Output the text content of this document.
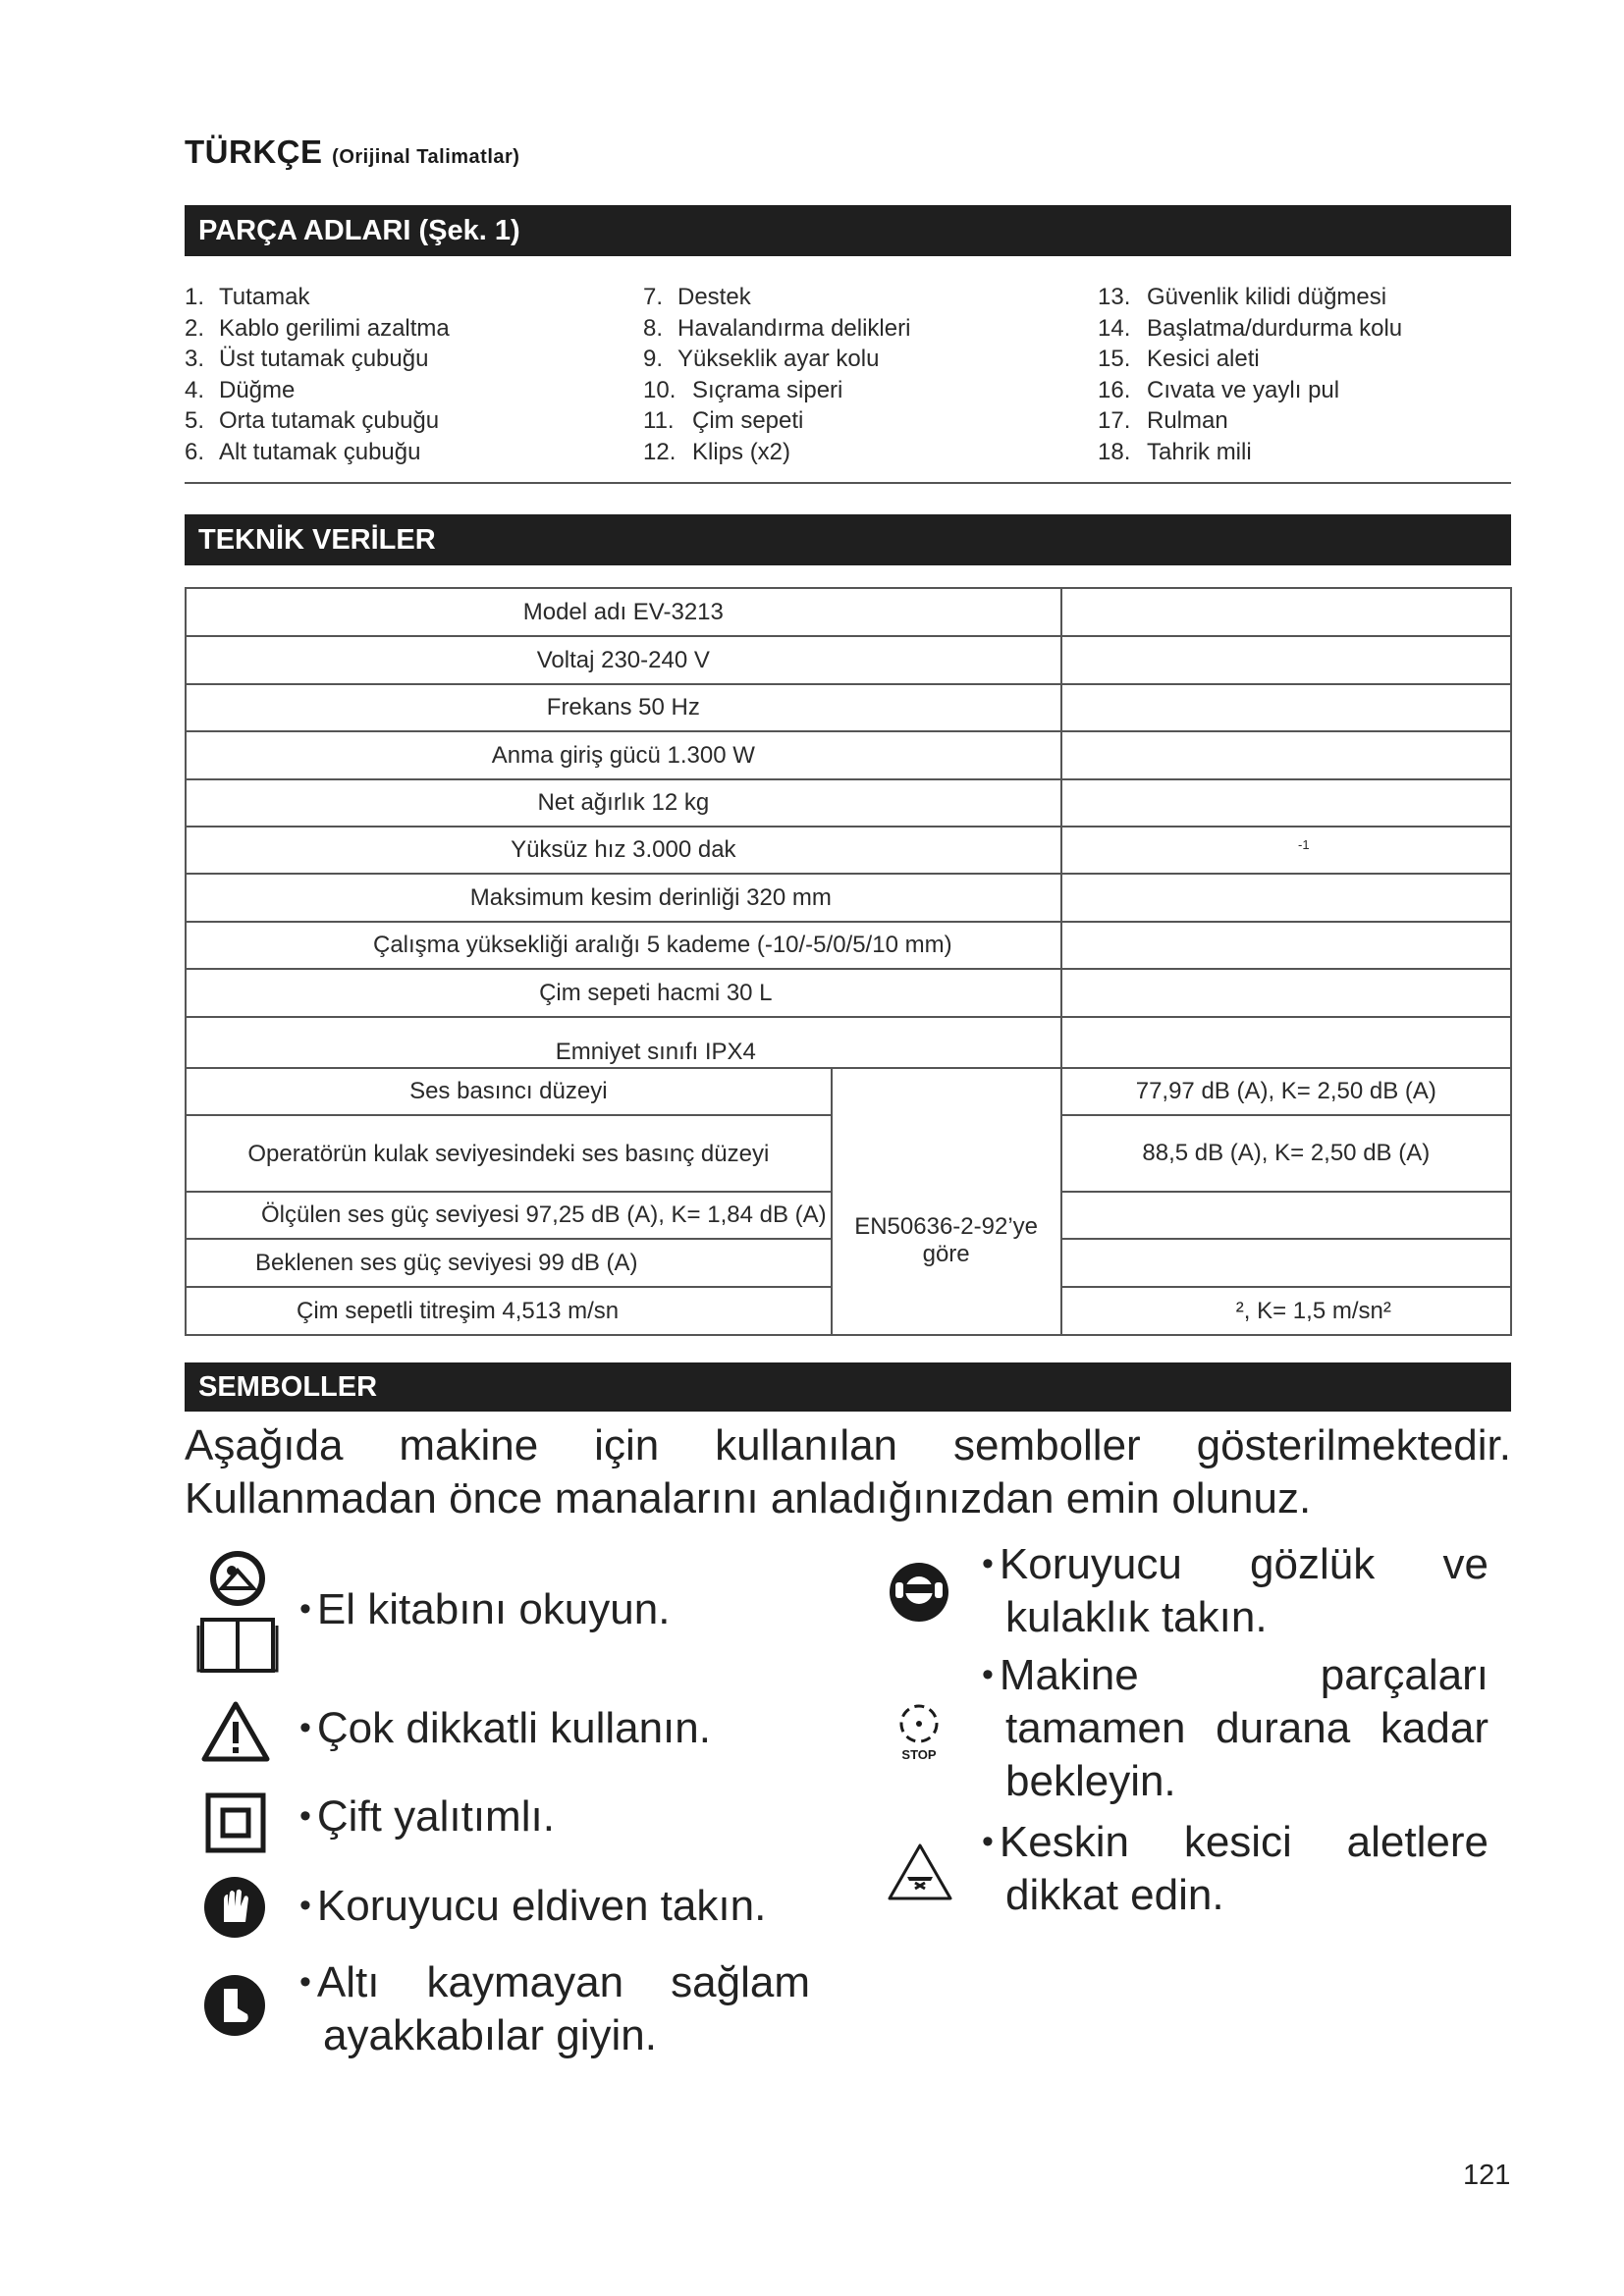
TÜRKÇE (Orijinal Talimatlar)
PARÇA ADLARI (Şek. 1)
1. Tutamak
2. Kablo gerilimi azaltma
3. Üst tutamak çubuğu
4. Düğme
5. Orta tutamak çubuğu
6. Alt tutamak çubuğu
7. Destek
8. Havalandırma delikleri
9. Yükseklik ayar kolu
10. Sıçrama siperi
11. Çim sepeti
12. Klips (x2)
13. Güvenlik kilidi düğmesi
14. Başlatma/durdurma kolu
15. Kesici aleti
16. Cıvata ve yaylı pul
17. Rulman
18. Tahrik mili
TEKNİK VERİLER
Model adı EV-3213		
Voltaj 230-240 V		
Frekans 50 Hz		
Anma giriş gücü 1.300 W		
Net ağırlık 12 kg		
Yüksüz hız 3.000 dak		-1
Maksimum kesim derinliği 320 mm		
Çalışma yüksekliği aralığı 5 kademe (-10/-5/0/5/10 mm)		
Çim sepeti hacmi 30 L		
Emniyet sınıfı IPX4		
Ses basıncı düzeyi	EN50636-2-92’ye göre	77,97 dB (A), K= 2,50 dB (A)
Operatörün kulak seviyesindeki ses basınç düzeyi		88,5 dB (A), K= 2,50 dB (A)
Ölçülen ses güç seviyesi 97,25 dB (A), K= 1,84 dB (A)		
Beklenen ses güç seviyesi 99 dB (A)		
Çim sepetli titreşim 4,513 m/sn		², K= 1,5 m/sn²
SEMBOLLER
Aşağıda makine için kullanılan semboller gösterilmektedir.
Kullanmadan önce manalarını anladığınızdan emin olunuz.
• El kitabını okuyun.
• Çok dikkatli kullanın.
• Çift yalıtımlı.
• Koruyucu eldiven takın.
• Altı kaymayan sağlam
ayakkabılar giyin.
• Koruyucu gözlük ve
kulaklık takın.
STOP
• Makine parçaları
tamamen durana kadar
bekleyin.
• Keskin kesici aletlere
dikkat edin.
121
